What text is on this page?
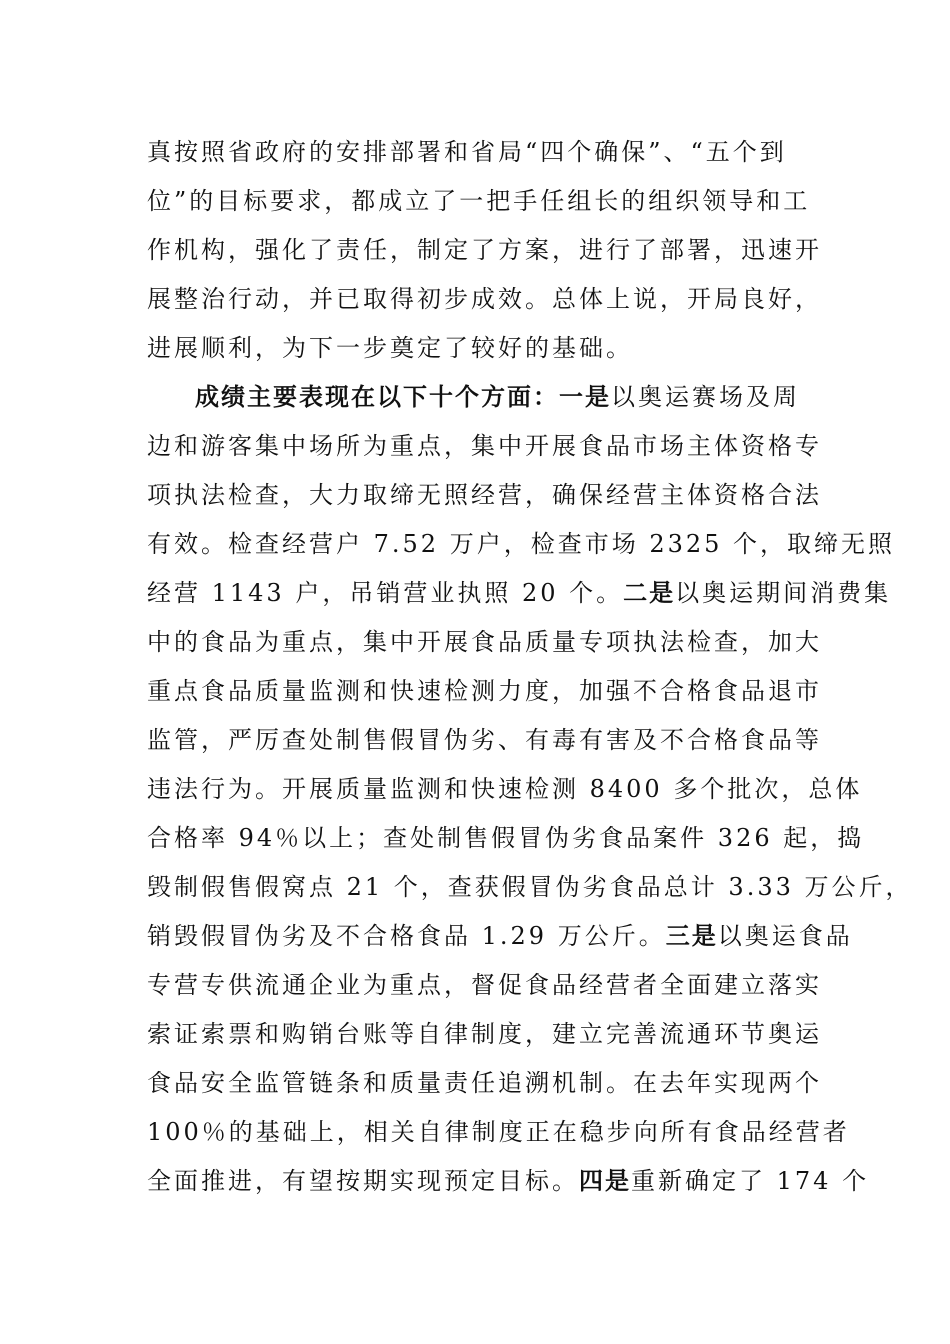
真按照省政府的安排部署和省局“四个确保”、“五个到
位”的目标要求，都成立了一把手任组长的组织领导和工
作机构，强化了责任，制定了方案，进行了部署，迅速开
展整治行动，并已取得初步成效。总体上说，开局良好，
进展顺利，为下一步奠定了较好的基础。
成绩主要表现在以下十个方面：一是以奥运赛场及周
边和游客集中场所为重点，集中开展食品市场主体资格专
项执法检查，大力取缔无照经营，确保经营主体资格合法
有效。检查经营户 7.52 万户，检查市场 2325 个，取缔无照
经营 1143 户，吊销营业执照 20 个。二是以奥运期间消费集
中的食品为重点，集中开展食品质量专项执法检查，加大
重点食品质量监测和快速检测力度，加强不合格食品退市
监管，严厉查处制售假冒伪劣、有毒有害及不合格食品等
违法行为。开展质量监测和快速检测 8400 多个批次，总体
合格率 94％以上；查处制售假冒伪劣食品案件 326 起，捣
毁制假售假窝点 21 个，查获假冒伪劣食品总计 3.33 万公斤，
销毁假冒伪劣及不合格食品 1.29 万公斤。三是以奥运食品
专营专供流通企业为重点，督促食品经营者全面建立落实
索证索票和购销台账等自律制度，建立完善流通环节奥运
食品安全监管链条和质量责任追溯机制。在去年实现两个
100％的基础上，相关自律制度正在稳步向所有食品经营者
全面推进，有望按期实现预定目标。四是重新确定了 174 个
